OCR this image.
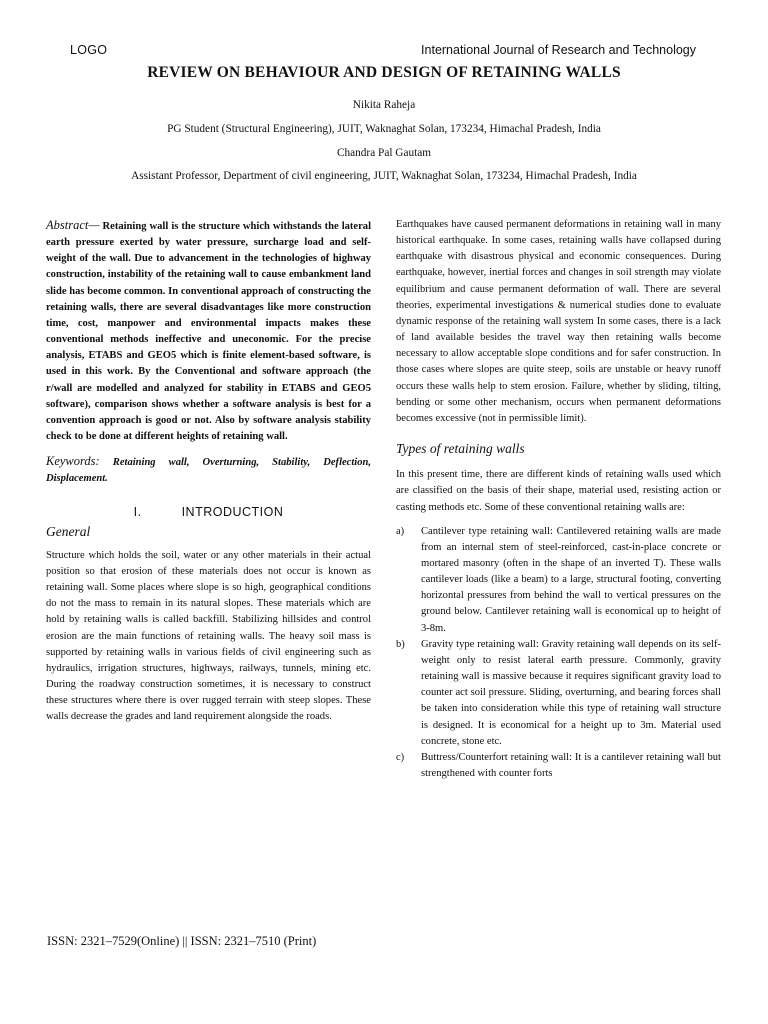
LOGO	International Journal of Research and Technology
REVIEW ON BEHAVIOUR AND DESIGN OF RETAINING WALLS
Nikita Raheja
PG Student (Structural Engineering), JUIT, Waknaghat Solan, 173234, Himachal Pradesh, India
Chandra Pal Gautam
Assistant Professor, Department of civil engineering, JUIT, Waknaghat Solan, 173234, Himachal Pradesh, India

Abstract— Retaining wall is the structure which withstands the lateral earth pressure exerted by water pressure, surcharge load and self-weight of the wall. Due to advancement in the technologies of highway construction, instability of the retaining wall to cause embankment land slide has become common. In conventional approach of constructing the retaining walls, there are several disadvantages like more construction time, cost, manpower and environmental impacts makes these conventional methods ineffective and uneconomic. For the precise analysis, ETABS and GEO5 which is finite element-based software, is used in this work. By the Conventional and software approach (the r/wall are modelled and analyzed for stability in ETABS and GEO5 software), comparison shows whether a software analysis is best for a convention approach is good or not. Also by software analysis stability check to be done at different heights of retaining wall.

Keywords: Retaining wall, Overturning, Stability, Deflection, Displacement.

I.	INTRODUCTION
General

Structure which holds the soil, water or any other materials in their actual position so that erosion of these materials does not occur is known as retaining wall. Some places where slope is so high, geographical conditions do not the mass to remain in its natural slopes. These materials which are hold by retaining walls is called backfill. Stabilizing hillsides and control erosion are the main functions of retaining walls. The heavy soil mass is supported by retaining walls in various fields of civil engineering such as hydraulics, irrigation structures, highways, railways, tunnels, mining etc. During the roadway construction sometimes, it is necessary to construct these structures where there is over rugged terrain with steep slopes. These walls decrease the grades and land requirement alongside the roads.

Earthquakes have caused permanent deformations in retaining wall in many historical earthquake. In some cases, retaining walls have collapsed during earthquake with disastrous physical and economic consequences. During earthquake, however, inertial forces and changes in soil strength may violate equilibrium and cause permanent deformation of wall. There are several theories, experimental investigations & numerical studies done to evaluate dynamic response of the retaining wall system In some cases, there is a lack of land available besides the travel way then retaining walls become necessary to allow acceptable slope conditions and for safer construction. In those cases where slopes are quite steep, soils are unstable or heavy runoff occurs these walls help to stem erosion. Failure, whether by sliding, tilting, bending or some other mechanism, occurs when permanent deformations becomes excessive (not in permissible limit).

Types of retaining walls

In this present time, there are different kinds of retaining walls used which are classified on the basis of their shape, material used, resisting action or casting methods etc. Some of these conventional retaining walls are:

a) Cantilever type retaining wall: Cantilevered retaining walls are made from an internal stem of steel-reinforced, cast-in-place concrete or mortared masonry (often in the shape of an inverted T). These walls cantilever loads (like a beam) to a large, structural footing, converting horizontal pressures from behind the wall to vertical pressures on the ground below. Cantilever retaining wall is economical up to height of 3-8m.
b) Gravity type retaining wall: Gravity retaining wall depends on its self-weight only to resist lateral earth pressure. Commonly, gravity retaining wall is massive because it requires significant gravity load to counter act soil pressure. Sliding, overturning, and bearing forces shall be taken into consideration while this type of retaining wall structure is designed. It is economical for a height up to 3m. Material used concrete, stone etc.
c) Buttress/Counterfort retaining wall: It is a cantilever retaining wall but strengthened with counter forts
ISSN: 2321–7529(Online) || ISSN: 2321–7510 (Print)
